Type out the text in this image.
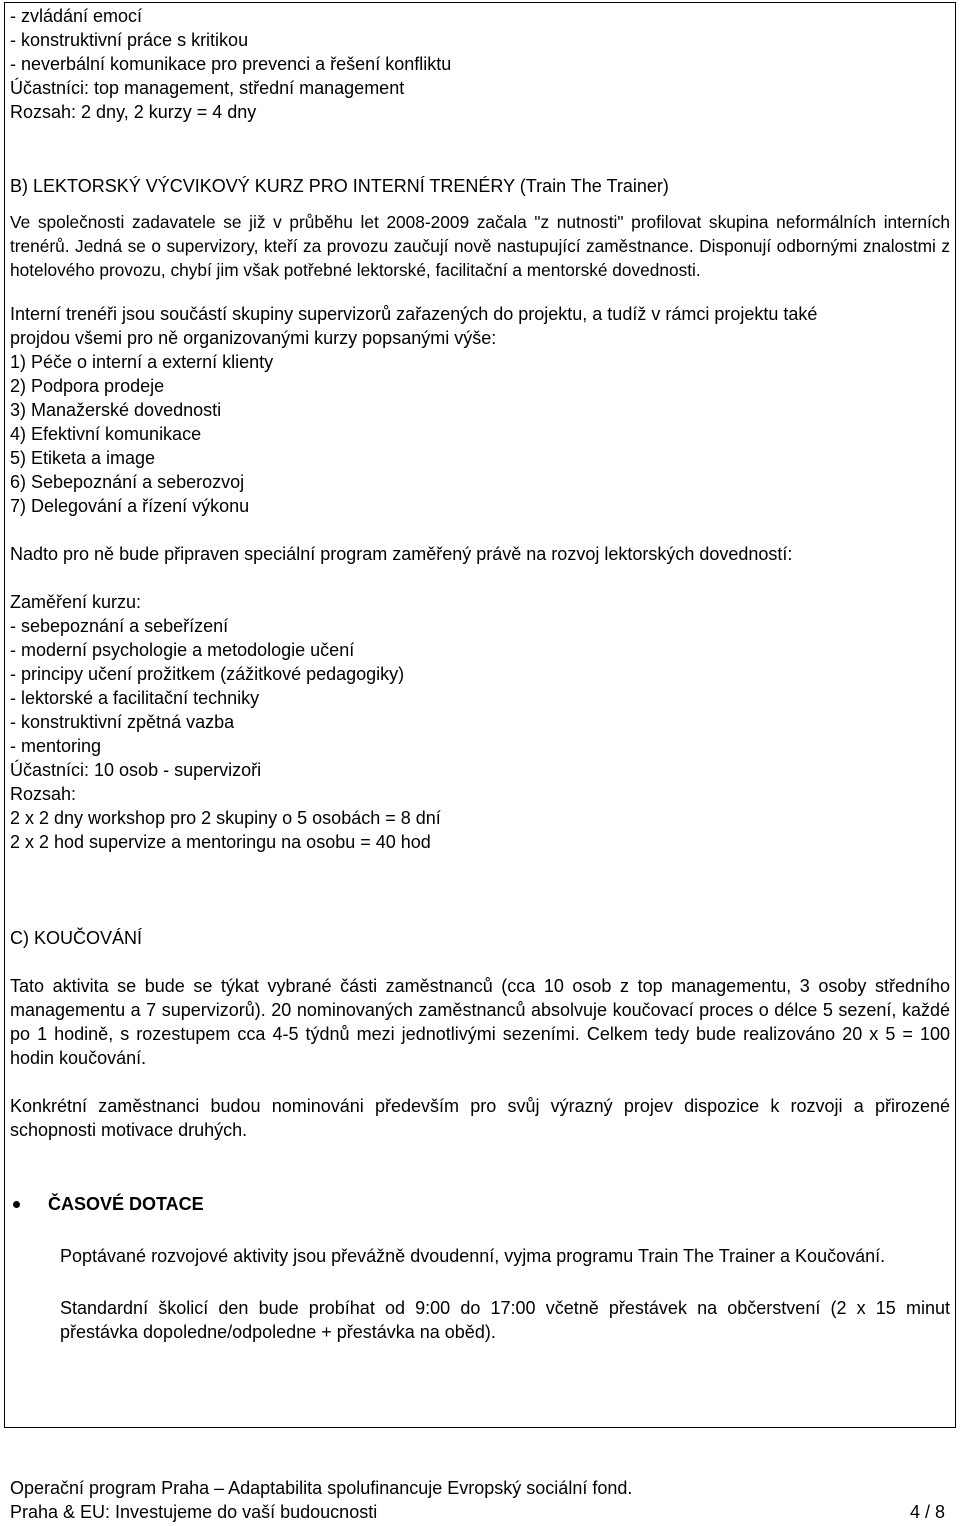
- zvládání emocí

- konstruktivní práce s kritikou

- neverbální komunikace pro prevenci a řešení konfliktu

Účastníci: top management, střední management

Rozsah: 2 dny, 2 kurzy = 4 dny

B) LEKTORSKÝ VÝCVIKOVÝ KURZ PRO INTERNÍ TRENÉRY (Train The Trainer)

Ve společnosti zadavatele se již v průběhu let 2008-2009 začala "z nutnosti" profilovat skupina neformálních interních trenérů. Jedná se o supervizory, kteří za provozu zaučují nově nastupující zaměstnance. Disponují odbornými znalostmi z hotelového provozu, chybí jim však potřebné lektorské, facilitační a mentorské dovednosti.

Interní trenéři jsou součástí skupiny supervizorů zařazených do projektu, a tudíž v rámci projektu také

projdou všemi pro ně organizovanými kurzy popsanými výše:

1) Péče o interní a externí klienty

2) Podpora prodeje

3) Manažerské dovednosti

4) Efektivní komunikace

5) Etiketa a image

6) Sebepoznání a seberozvoj

7) Delegování a řízení výkonu

Nadto pro ně bude připraven speciální program zaměřený právě na rozvoj lektorských dovedností:

Zaměření kurzu:

- sebepoznání a sebeřízení

- moderní psychologie a metodologie učení

- principy učení prožitkem (zážitkové pedagogiky)

- lektorské a facilitační techniky

- konstruktivní zpětná vazba

- mentoring

Účastníci: 10 osob - supervizoři

Rozsah:

2 x 2 dny workshop pro 2 skupiny o 5 osobách = 8 dní

2 x 2 hod supervize a mentoringu na osobu = 40 hod

C) KOUČOVÁNÍ

Tato aktivita se bude se týkat vybrané části zaměstnanců (cca 10 osob z top managementu, 3 osoby středního managementu a 7 supervizorů). 20 nominovaných zaměstnanců absolvuje koučovací proces o délce 5 sezení, každé po 1 hodině, s rozestupem cca 4-5 týdnů mezi jednotlivými sezeními. Celkem tedy bude realizováno 20 x 5 = 100 hodin koučování.

Konkrétní zaměstnanci budou nominováni především pro svůj výrazný projev dispozice k rozvoji a přirozené schopnosti motivace druhých.

ČASOVÉ DOTACE

Poptávané rozvojové aktivity jsou převážně dvoudenní, vyjma programu Train The Trainer a Koučování.

Standardní školicí den bude probíhat od 9:00 do 17:00 včetně přestávek na občerstvení (2 x 15 minut přestávka dopoledne/odpoledne + přestávka na oběd).

Operační program Praha – Adaptabilita spolufinancuje Evropský sociální fond.
Praha & EU: Investujeme do vaší budoucnosti	4 / 8
